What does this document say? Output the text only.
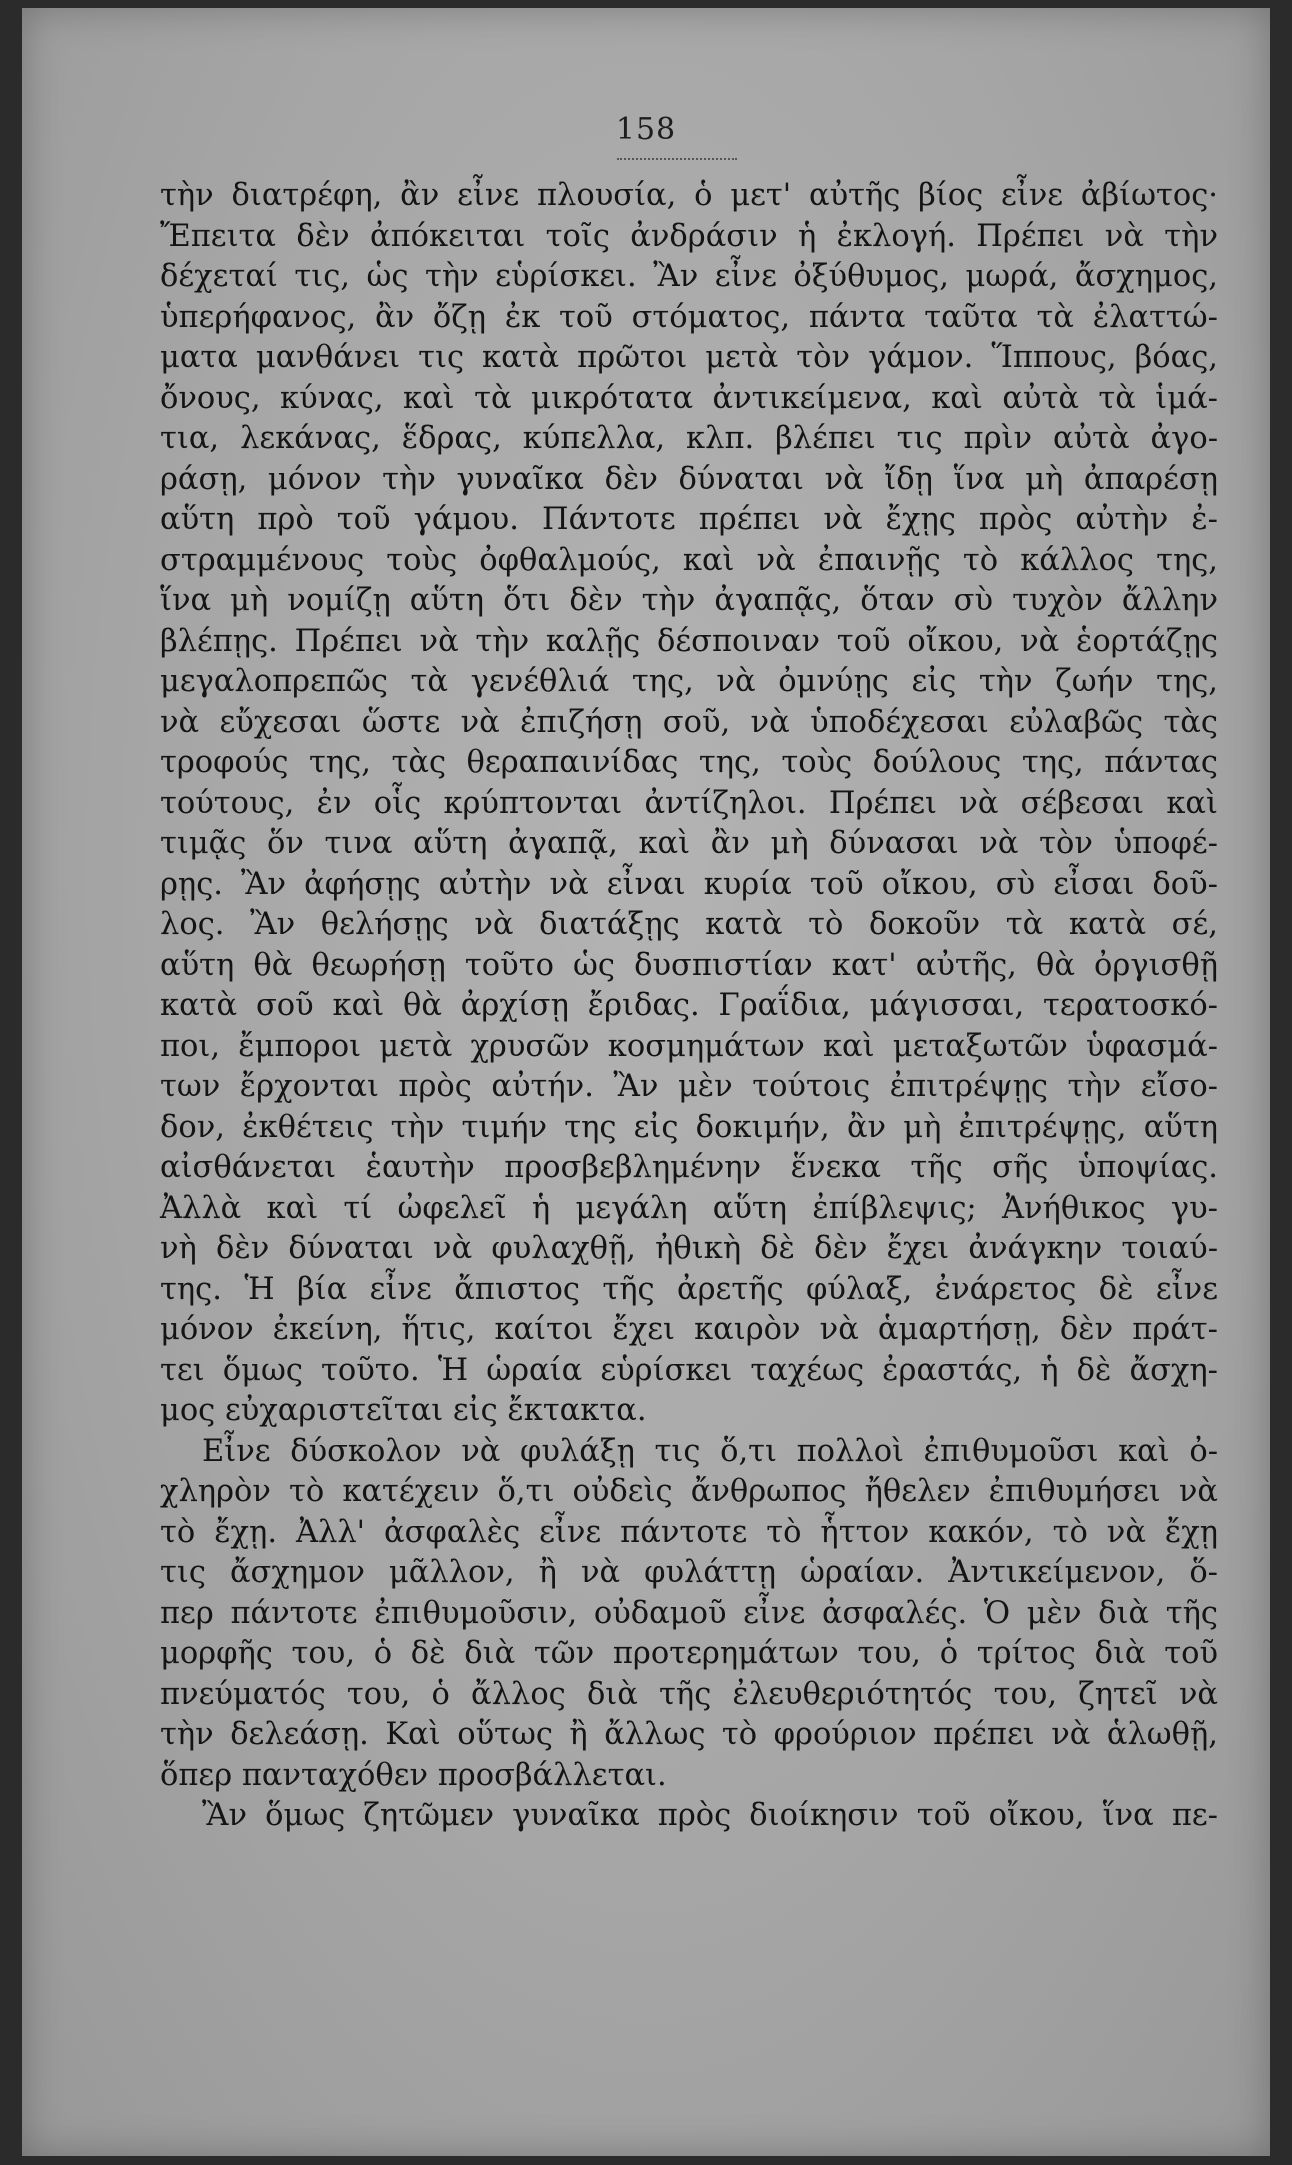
158
τὴν διατρέφη, ἂν εἶνε πλουσία, ὁ μετ' αὐτῆς βίος εἶνε ἀβίωτος·
Ἔπειτα δὲν ἀπόκειται τοῖς ἀνδράσιν ἡ ἐκλογή. Πρέπει νὰ τὴν
δέχεταί τις, ὡς τὴν εὑρίσκει. Ἂν εἶνε ὀξύθυμος, μωρά, ἄσχημος,
ὑπερήφανος, ἂν ὄζῃ ἐκ τοῦ στόματος, πάντα ταῦτα τὰ ἐλαττώ-
ματα μανθάνει τις κατὰ πρῶτοι μετὰ τὸν γάμον. Ἵππους, βόας,
ὄνους, κύνας, καὶ τὰ μικρότατα ἀντικείμενα, καὶ αὐτὰ τὰ ἱμά-
τια, λεκάνας, ἕδρας, κύπελλα, κλπ. βλέπει τις πρὶν αὐτὰ ἀγο-
ράσῃ, μόνον τὴν γυναῖκα δὲν δύναται νὰ ἴδῃ ἵνα μὴ ἀπαρέσῃ
αὕτη πρὸ τοῦ γάμου. Πάντοτε πρέπει νὰ ἔχῃς πρὸς αὐτὴν ἐ-
στραμμένους τοὺς ὀφθαλμούς, καὶ νὰ ἐπαινῇς τὸ κάλλος της,
ἵνα μὴ νομίζῃ αὕτη ὅτι δὲν τὴν ἀγαπᾷς, ὅταν σὺ τυχὸν ἄλλην
βλέπῃς. Πρέπει νὰ τὴν καλῇς δέσποιναν τοῦ οἴκου, νὰ ἑορτάζῃς
μεγαλοπρεπῶς τὰ γενέθλιά της, νὰ ὀμνύῃς εἰς τὴν ζωήν της,
νὰ εὔχεσαι ὥστε νὰ ἐπιζήσῃ σοῦ, νὰ ὑποδέχεσαι εὐλαβῶς τὰς
τροφούς της, τὰς θεραπαινίδας της, τοὺς δούλους της, πάντας
τούτους, ἐν οἷς κρύπτονται ἀντίζηλοι. Πρέπει νὰ σέβεσαι καὶ
τιμᾷς ὅν τινα αὕτη ἀγαπᾷ, καὶ ἂν μὴ δύνασαι νὰ τὸν ὑποφέ-
ρῃς. Ἂν ἀφήσῃς αὐτὴν νὰ εἶναι κυρία τοῦ οἴκου, σὺ εἶσαι δοῦ-
λος. Ἂν θελήσῃς νὰ διατάξῃς κατὰ τὸ δοκοῦν τὰ κατὰ σέ,
αὕτη θὰ θεωρήσῃ τοῦτο ὡς δυσπιστίαν κατ' αὐτῆς, θὰ ὀργισθῇ
κατὰ σοῦ καὶ θὰ ἀρχίσῃ ἔριδας. Γραΐδια, μάγισσαι, τερατοσκό-
ποι, ἔμποροι μετὰ χρυσῶν κοσμημάτων καὶ μεταξωτῶν ὑφασμά-
των ἔρχονται πρὸς αὐτήν. Ἂν μὲν τούτοις ἐπιτρέψῃς τὴν εἴσο-
δον, ἐκθέτεις τὴν τιμήν της εἰς δοκιμήν, ἂν μὴ ἐπιτρέψῃς, αὕτη
αἰσθάνεται ἑαυτὴν προσβεβλημένην ἕνεκα τῆς σῆς ὑποψίας.
Ἀλλὰ καὶ τί ὠφελεῖ ἡ μεγάλη αὕτη ἐπίβλεψις; Ἀνήθικος γυ-
νὴ δὲν δύναται νὰ φυλαχθῇ, ἠθικὴ δὲ δὲν ἔχει ἀνάγκην τοιαύ-
της. Ἡ βία εἶνε ἄπιστος τῆς ἀρετῆς φύλαξ, ἐνάρετος δὲ εἶνε
μόνον ἐκείνη, ἥτις, καίτοι ἔχει καιρὸν νὰ ἁμαρτήσῃ, δὲν πράτ-
τει ὅμως τοῦτο. Ἡ ὡραία εὑρίσκει ταχέως ἐραστάς, ἡ δὲ ἄσχη-
μος εὐχαριστεῖται εἰς ἔκτακτα.
Εἶνε δύσκολον νὰ φυλάξῃ τις ὅ,τι πολλοὶ ἐπιθυμοῦσι καὶ ὀ-
χληρὸν τὸ κατέχειν ὅ,τι οὐδεὶς ἄνθρωπος ἤθελεν ἐπιθυμήσει νὰ
τὸ ἔχῃ. Ἀλλ' ἀσφαλὲς εἶνε πάντοτε τὸ ἧττον κακόν, τὸ νὰ ἔχῃ
τις ἄσχημον μᾶλλον, ἢ νὰ φυλάττῃ ὡραίαν. Ἀντικείμενον, ὅ-
περ πάντοτε ἐπιθυμοῦσιν, οὐδαμοῦ εἶνε ἀσφαλές. Ὁ μὲν διὰ τῆς
μορφῆς του, ὁ δὲ διὰ τῶν προτερημάτων του, ὁ τρίτος διὰ τοῦ
πνεύματός του, ὁ ἄλλος διὰ τῆς ἐλευθεριότητός του, ζητεῖ νὰ
τὴν δελεάσῃ. Καὶ οὕτως ἢ ἄλλως τὸ φρούριον πρέπει νὰ ἁλωθῇ,
ὅπερ πανταχόθεν προσβάλλεται.
Ἂν ὅμως ζητῶμεν γυναῖκα πρὸς διοίκησιν τοῦ οἴκου, ἵνα πε-
